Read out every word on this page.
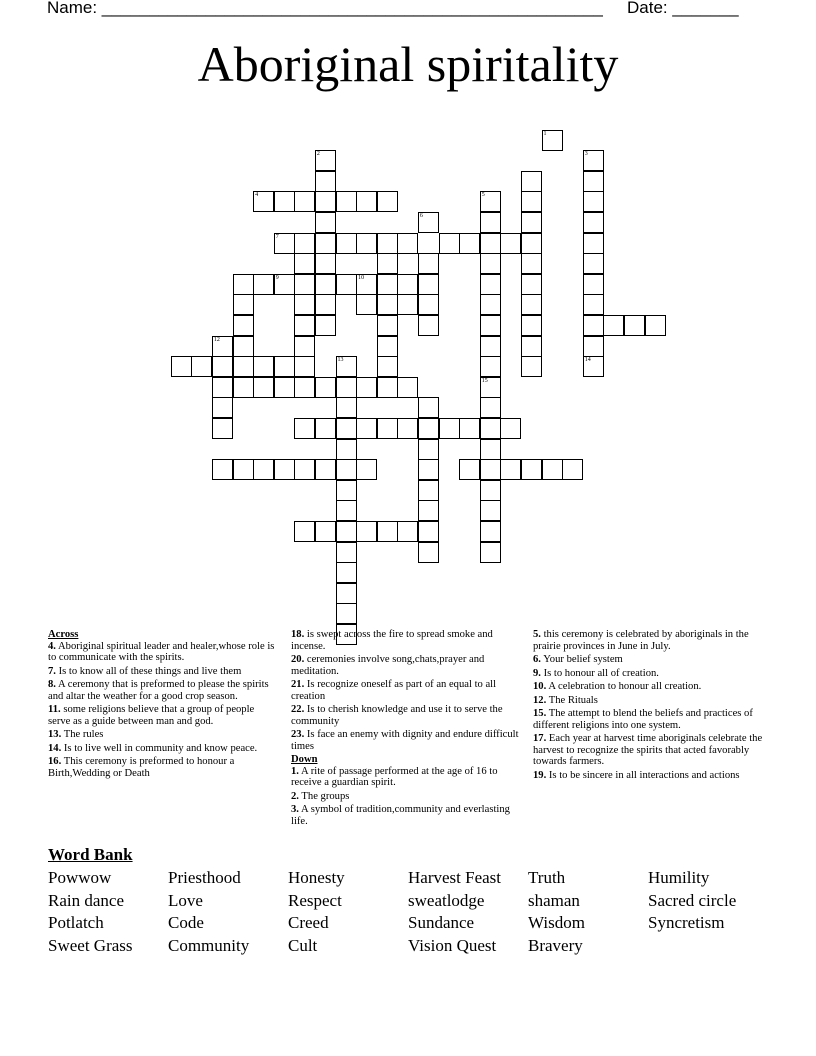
Name: _____________________________________________________ Date: _______
Aboriginal spiritality
1
2	3
14
4	5
6
7
9	10
12
15
13
Across
4. Aboriginal spiritual leader and healer,whose role is to communicate with the spirits.
7. Is to know all of these things and live them
8. A ceremony that is preformed to please the spirits and altar the weather for a good crop season.
11. some religions believe that a group of people serve as a guide between man and god.
13. The rules
14. Is to live well in community and know peace.
16. This ceremony is preformed to honour a Birth,Wedding or Death
18. is swept across the fire to spread smoke and incense.
20. ceremonies involve song,chats,prayer and meditation.
21. Is recognize oneself as part of an equal to all creation
22. Is to cherish knowledge and use it to serve the community
23. Is face an enemy with dignity and endure difficult times
Down
1. A rite of passage performed at the age of 16 to receive a guardian spirit.
2. The groups
3. A symbol of tradition,community and everlasting life.
5. this ceremony is celebrated by aboriginals in the prairie provinces in June in July.
6. Your belief system
9. Is to honour all of creation.
10. A celebration to honour all creation.
12. The Rituals
15. The attempt to blend the beliefs and practices of different religions into one system.
17. Each year at harvest time aboriginals celebrate the harvest to recognize the spirits that acted favorably towards farmers.
19. Is to be sincere in all interactions and actions
Word Bank
Powwow
Rain dance
Potlatch
Sweet Grass
Priesthood
Love
Code
Community
Honesty
Respect
Creed
Cult
Harvest Feast
sweatlodge
Sundance
Vision Quest
Truth
shaman
Wisdom
Bravery
Humility
Sacred circle
Syncretism
